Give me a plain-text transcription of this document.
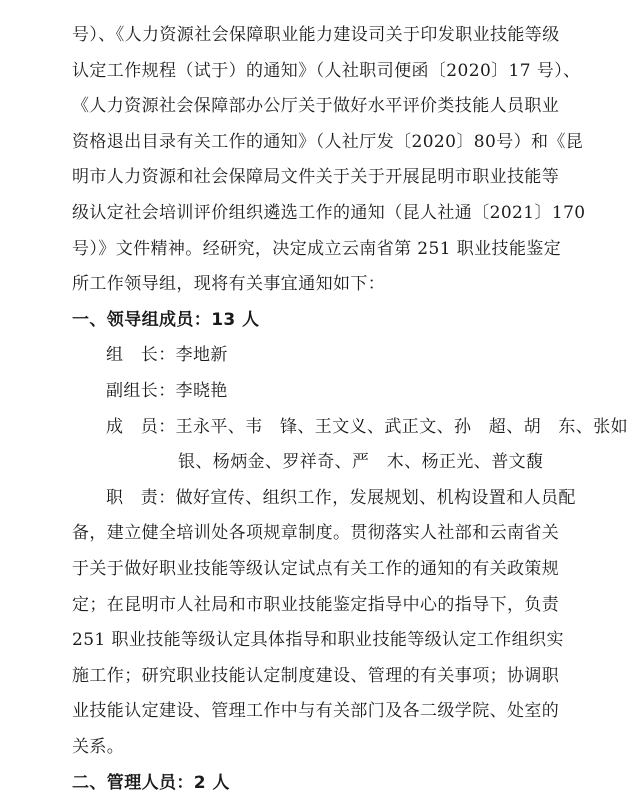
号）、《人力资源社会保障职业能力建设司关于印发职业技能等级
认定工作规程（试于）的通知》（人社职司便函〔2020〕17 号）、
《人力资源社会保障部办公厅关于做好水平评价类技能人员职业
资格退出目录有关工作的通知》（人社厅发〔2020〕80号）和《昆
明市人力资源和社会保障局文件关于关于开展昆明市职业技能等
级认定社会培训评价组织遴选工作的通知（昆人社通〔2021〕170
号）》文件精神。经研究，决定成立云南省第 251 职业技能鉴定
所工作领导组，现将有关事宜通知如下：
一、领导组成员：13 人
组　长：李地新
副组长：李晓艳
成　员：王永平、韦　锋、王文义、武正文、孙　超、胡　东、张如
银、杨炳金、罗祥奇、严　木、杨正光、普文馥
职　责：做好宣传、组织工作，发展规划、机构设置和人员配
备，建立健全培训处各项规章制度。贯彻落实人社部和云南省关
于关于做好职业技能等级认定试点有关工作的通知的有关政策规
定；在昆明市人社局和市职业技能鉴定指导中心的指导下，负责
251 职业技能等级认定具体指导和职业技能等级认定工作组织实
施工作；研究职业技能认定制度建设、管理的有关事项；协调职
业技能认定建设、管理工作中与有关部门及各二级学院、处室的
关系。
二、管理人员：2 人
